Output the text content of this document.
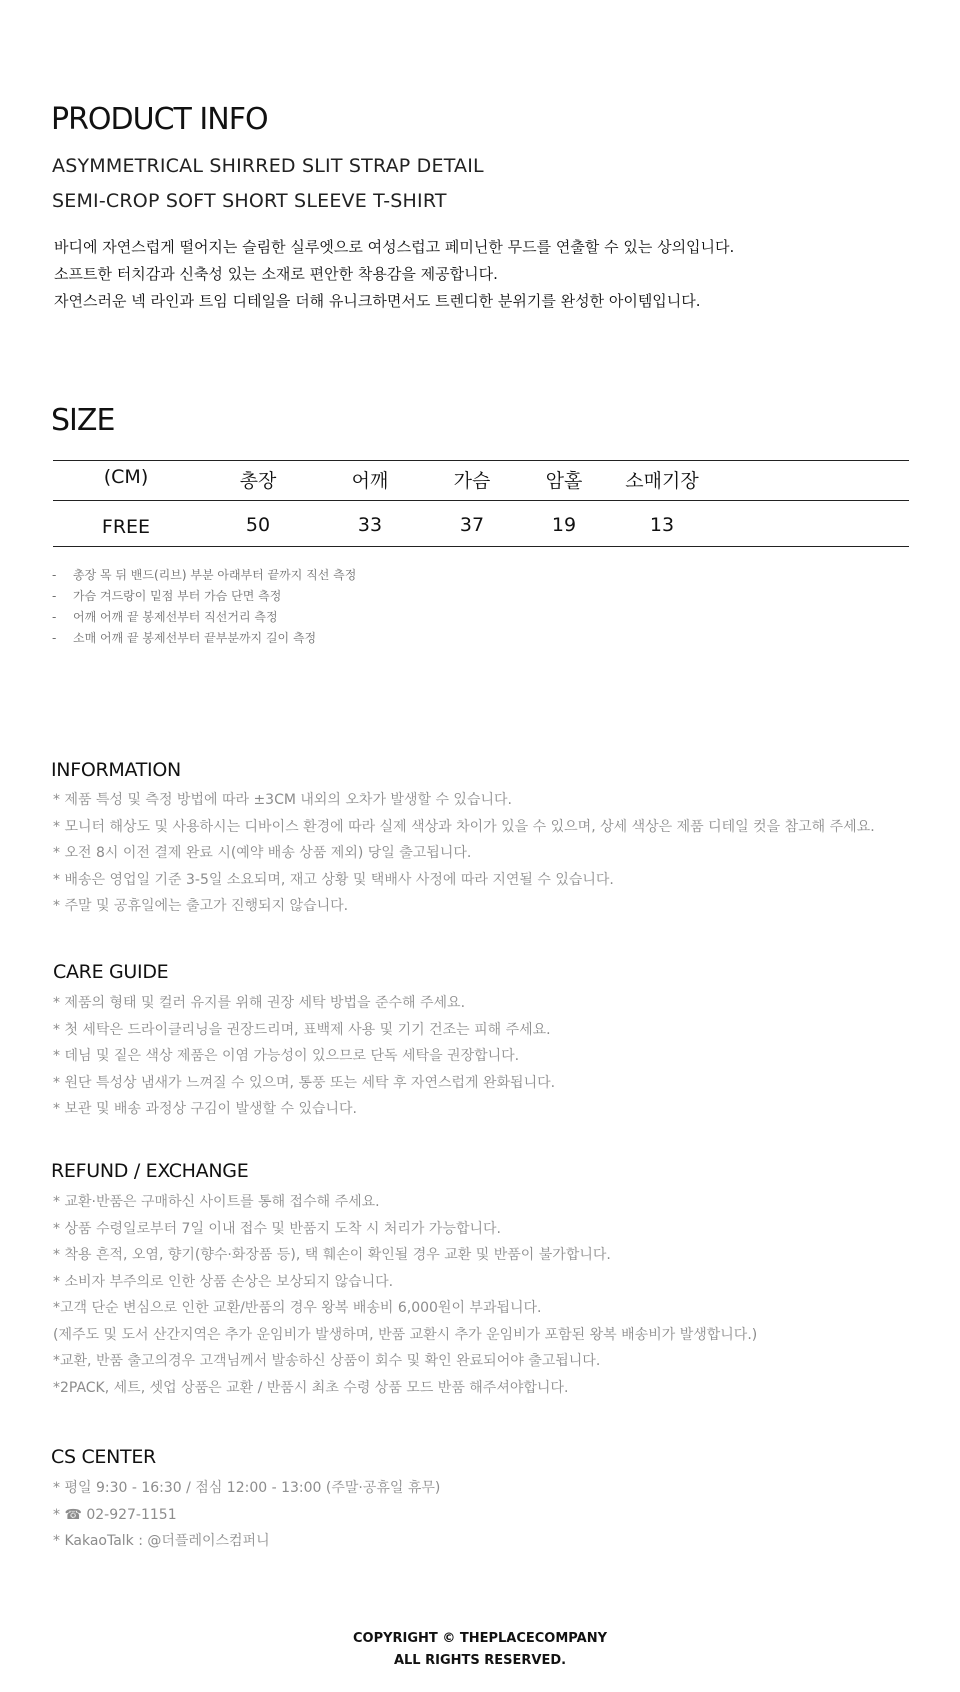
PRODUCT INFO
ASYMMETRICAL SHIRRED SLIT STRAP DETAIL
SEMI-CROP SOFT SHORT SLEEVE T-SHIRT
바디에 자연스럽게 떨어지는 슬림한 실루엣으로 여성스럽고 페미닌한 무드를 연출할 수 있는 상의입니다.
소프트한 터치감과 신축성 있는 소재로 편안한 착용감을 제공합니다.
자연스러운 넥 라인과 트임 디테일을 더해 유니크하면서도 트렌디한 분위기를 완성한 아이템입니다.
SIZE
(CM)	총장	어깨	가슴	암홀	소매기장
FREE	50	33	37	19	13
-	총장 목 뒤 밴드(리브) 부분 아래부터 끝까지 직선 측정
-	가슴 겨드랑이 밑점 부터 가슴 단면 측정
-	어깨 어깨 끝 봉제선부터 직선거리 측정
-	소매 어깨 끝 봉제선부터 끝부분까지 길이 측정
INFORMATION
* 제품 특성 및 측정 방법에 따라 ±3CM 내외의 오차가 발생할 수 있습니다.
* 모니터 해상도 및 사용하시는 디바이스 환경에 따라 실제 색상과 차이가 있을 수 있으며, 상세 색상은 제품 디테일 컷을 참고해 주세요.
* 오전 8시 이전 결제 완료 시(예약 배송 상품 제외) 당일 출고됩니다.
* 배송은 영업일 기준 3-5일 소요되며, 재고 상황 및 택배사 사정에 따라 지연될 수 있습니다.
* 주말 및 공휴일에는 출고가 진행되지 않습니다.
CARE GUIDE
* 제품의 형태 및 컬러 유지를 위해 권장 세탁 방법을 준수해 주세요.
* 첫 세탁은 드라이클리닝을 권장드리며, 표백제 사용 및 기기 건조는 피해 주세요.
* 데님 및 짙은 색상 제품은 이염 가능성이 있으므로 단독 세탁을 권장합니다.
* 원단 특성상 냄새가 느껴질 수 있으며, 통풍 또는 세탁 후 자연스럽게 완화됩니다.
* 보관 및 배송 과정상 구김이 발생할 수 있습니다.
REFUND / EXCHANGE
* 교환·반품은 구매하신 사이트를 통해 접수해 주세요.
* 상품 수령일로부터 7일 이내 접수 및 반품지 도착 시 처리가 가능합니다.
* 착용 흔적, 오염, 향기(향수·화장품 등), 택 훼손이 확인될 경우 교환 및 반품이 불가합니다.
* 소비자 부주의로 인한 상품 손상은 보상되지 않습니다.
*고객 단순 변심으로 인한 교환/반품의 경우 왕복 배송비 6,000원이 부과됩니다.
(제주도 및 도서 산간지역은 추가 운임비가 발생하며, 반품 교환시 추가 운임비가 포함된 왕복 배송비가 발생합니다.)
*교환, 반품 출고의경우 고객님께서 발송하신 상품이 회수 및 확인 완료되어야 출고됩니다.
*2PACK, 세트, 셋업 상품은 교환 / 반품시 최초 수령 상품 모드 반품 해주셔야합니다.
CS CENTER
* 평일 9:30 - 16:30 / 점심 12:00 - 13:00 (주말·공휴일 휴무)
* ☎ 02-927-1151
* KakaoTalk : @더플레이스컴퍼니
COPYRIGHT © THEPLACECOMPANY
ALL RIGHTS RESERVED.
